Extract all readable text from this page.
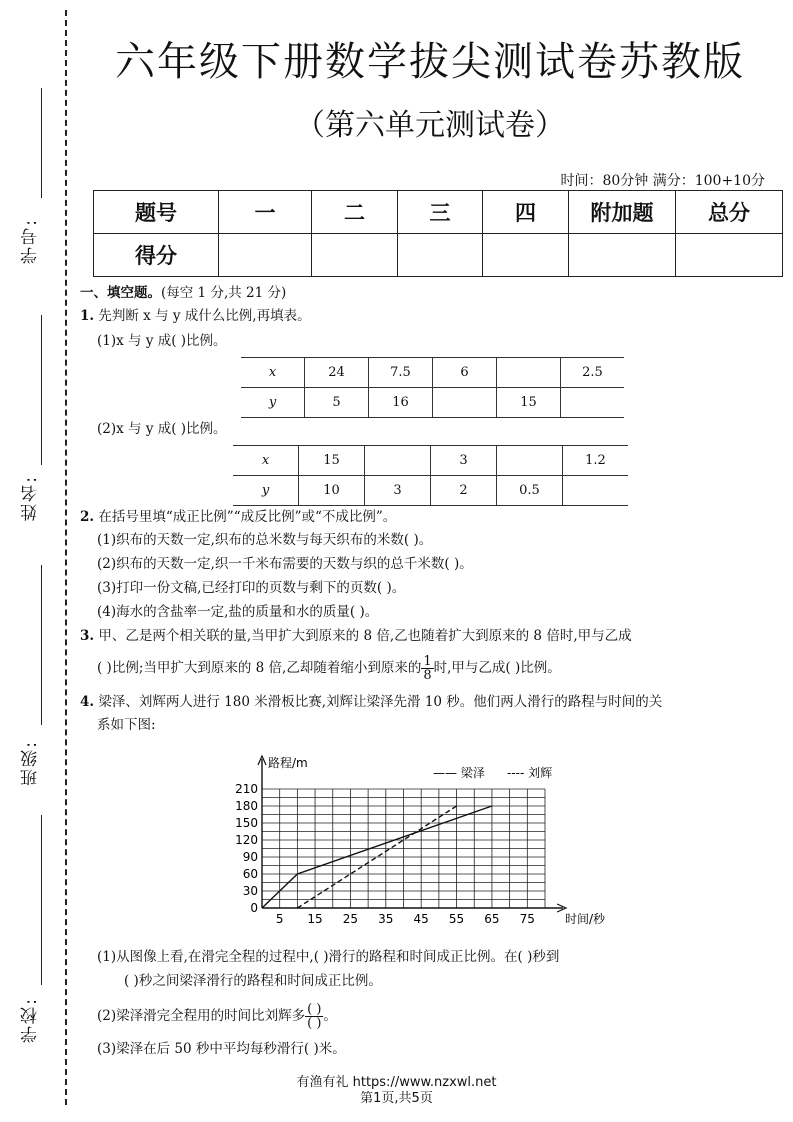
学号:
姓名:
班级:
学校:
六年级下册数学拔尖测试卷苏教版
（第六单元测试卷）
时间：80分钟 满分：100+10分
题号	一	二	三	四	附加题	总分
得分						
一、填空题。(每空 1 分,共 21 分)
1. 先判断 x 与 y 成什么比例,再填表。
(1)x 与 y 成( )比例。
x	24	7.5	6		2.5
y	5	16		15	
(2)x 与 y 成( )比例。
x	15		3		1.2
y	10	3	2	0.5	
2. 在括号里填“成正比例”“成反比例”或“不成比例”。
(1)织布的天数一定,织布的总米数与每天织布的米数( )。
(2)织布的天数一定,织一千米布需要的天数与织的总千米数( )。
(3)打印一份文稿,已经打印的页数与剩下的页数( )。
(4)海水的含盐率一定,盐的质量和水的质量( )。
3. 甲、乙是两个相关联的量,当甲扩大到原来的 8 倍,乙也随着扩大到原来的 8 倍时,甲与乙成
( )比例;当甲扩大到原来的 8 倍,乙却随着缩小到原来的 $\frac{1}{8}$ 时,甲与乙成( )比例。
4. 梁泽、刘辉两人进行 180 米滑板比赛,刘辉让梁泽先滑 10 秒。他们两人滑行的路程与时间的关
系如下图:
0
30
60
90
120
150
180
210
5 15 25 35 45 55 65 75
路程/m
时间/秒
—— 梁泽 ---- 刘辉
(1)从图像上看,在滑完全程的过程中,( )滑行的路程和时间成正比例。在( )秒到
( )秒之间梁泽滑行的路程和时间成正比例。
(2)梁泽滑完全程用的时间比刘辉多 $\frac{( )}{( )}$ 。
(3)梁泽在后 50 秒中平均每秒滑行( )米。
有渔有礼 https://www.nzxwl.net
第1页,共5页
